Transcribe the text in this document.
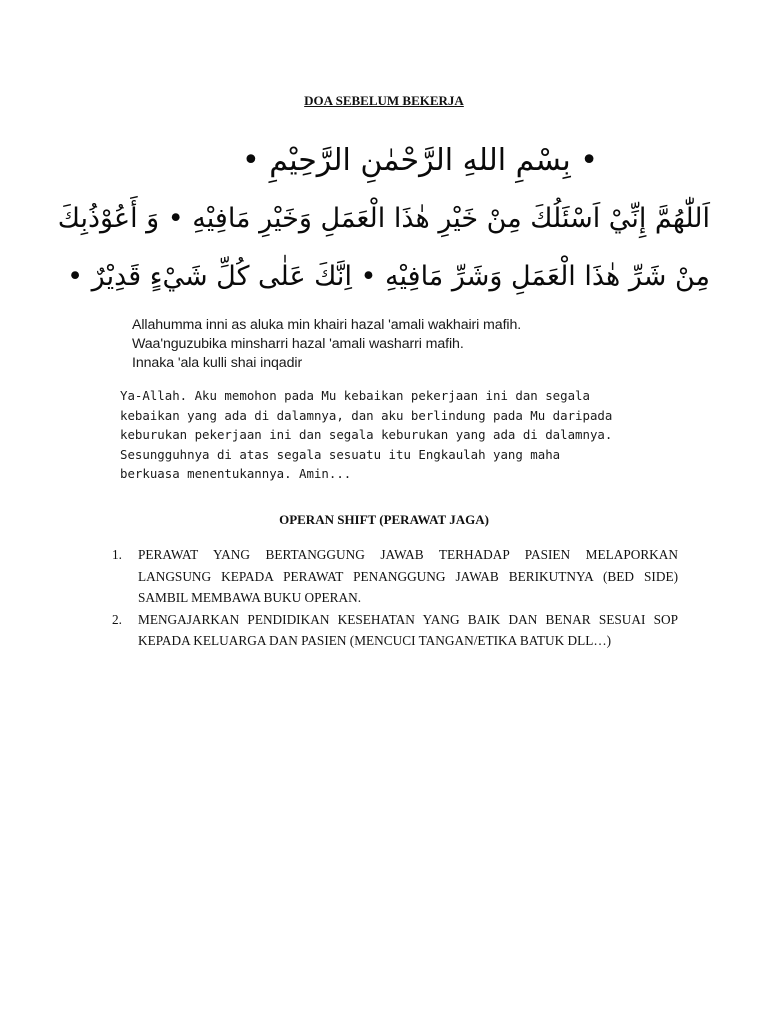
DOA SEBELUM BEKERJA
• بِسْمِ اللهِ الرَّحْمٰنِ الرَّحِيْمِ •
اَللّٰهُمَّ إِنِّيْ اَسْئَلُكَ مِنْ خَيْرِ هٰذَا الْعَمَلِ وَخَيْرِ مَافِيْهِ • وَ أَعُوْذُبِكَ
مِنْ شَرِّ هٰذَا الْعَمَلِ وَشَرِّ مَافِيْهِ • اِنَّكَ عَلٰى كُلِّ شَيْءٍ قَدِيْرٌ •
Allahumma inni as aluka min khairi hazal 'amali wakhairi mafih.
Waa'nguzubika minsharri hazal 'amali washarri mafih.
Innaka 'ala kulli shai inqadir
Ya-Allah. Aku memohon pada Mu kebaikan pekerjaan ini dan segala
kebaikan yang ada di dalamnya, dan aku berlindung pada Mu daripada
keburukan pekerjaan ini dan segala keburukan yang ada di dalamnya.
Sesungguhnya di atas segala sesuatu itu Engkaulah yang maha
berkuasa menentukannya. Amin...
OPERAN SHIFT (PERAWAT JAGA)
1. PERAWAT YANG BERTANGGUNG JAWAB TERHADAP PASIEN MELAPORKAN LANGSUNG KEPADA PERAWAT PENANGGUNG JAWAB BERIKUTNYA (BED SIDE) SAMBIL MEMBAWA BUKU OPERAN.
2. MENGAJARKAN PENDIDIKAN KESEHATAN YANG BAIK DAN BENAR SESUAI SOP KEPADA KELUARGA DAN PASIEN (MENCUCI TANGAN/ETIKA BATUK DLL…)
